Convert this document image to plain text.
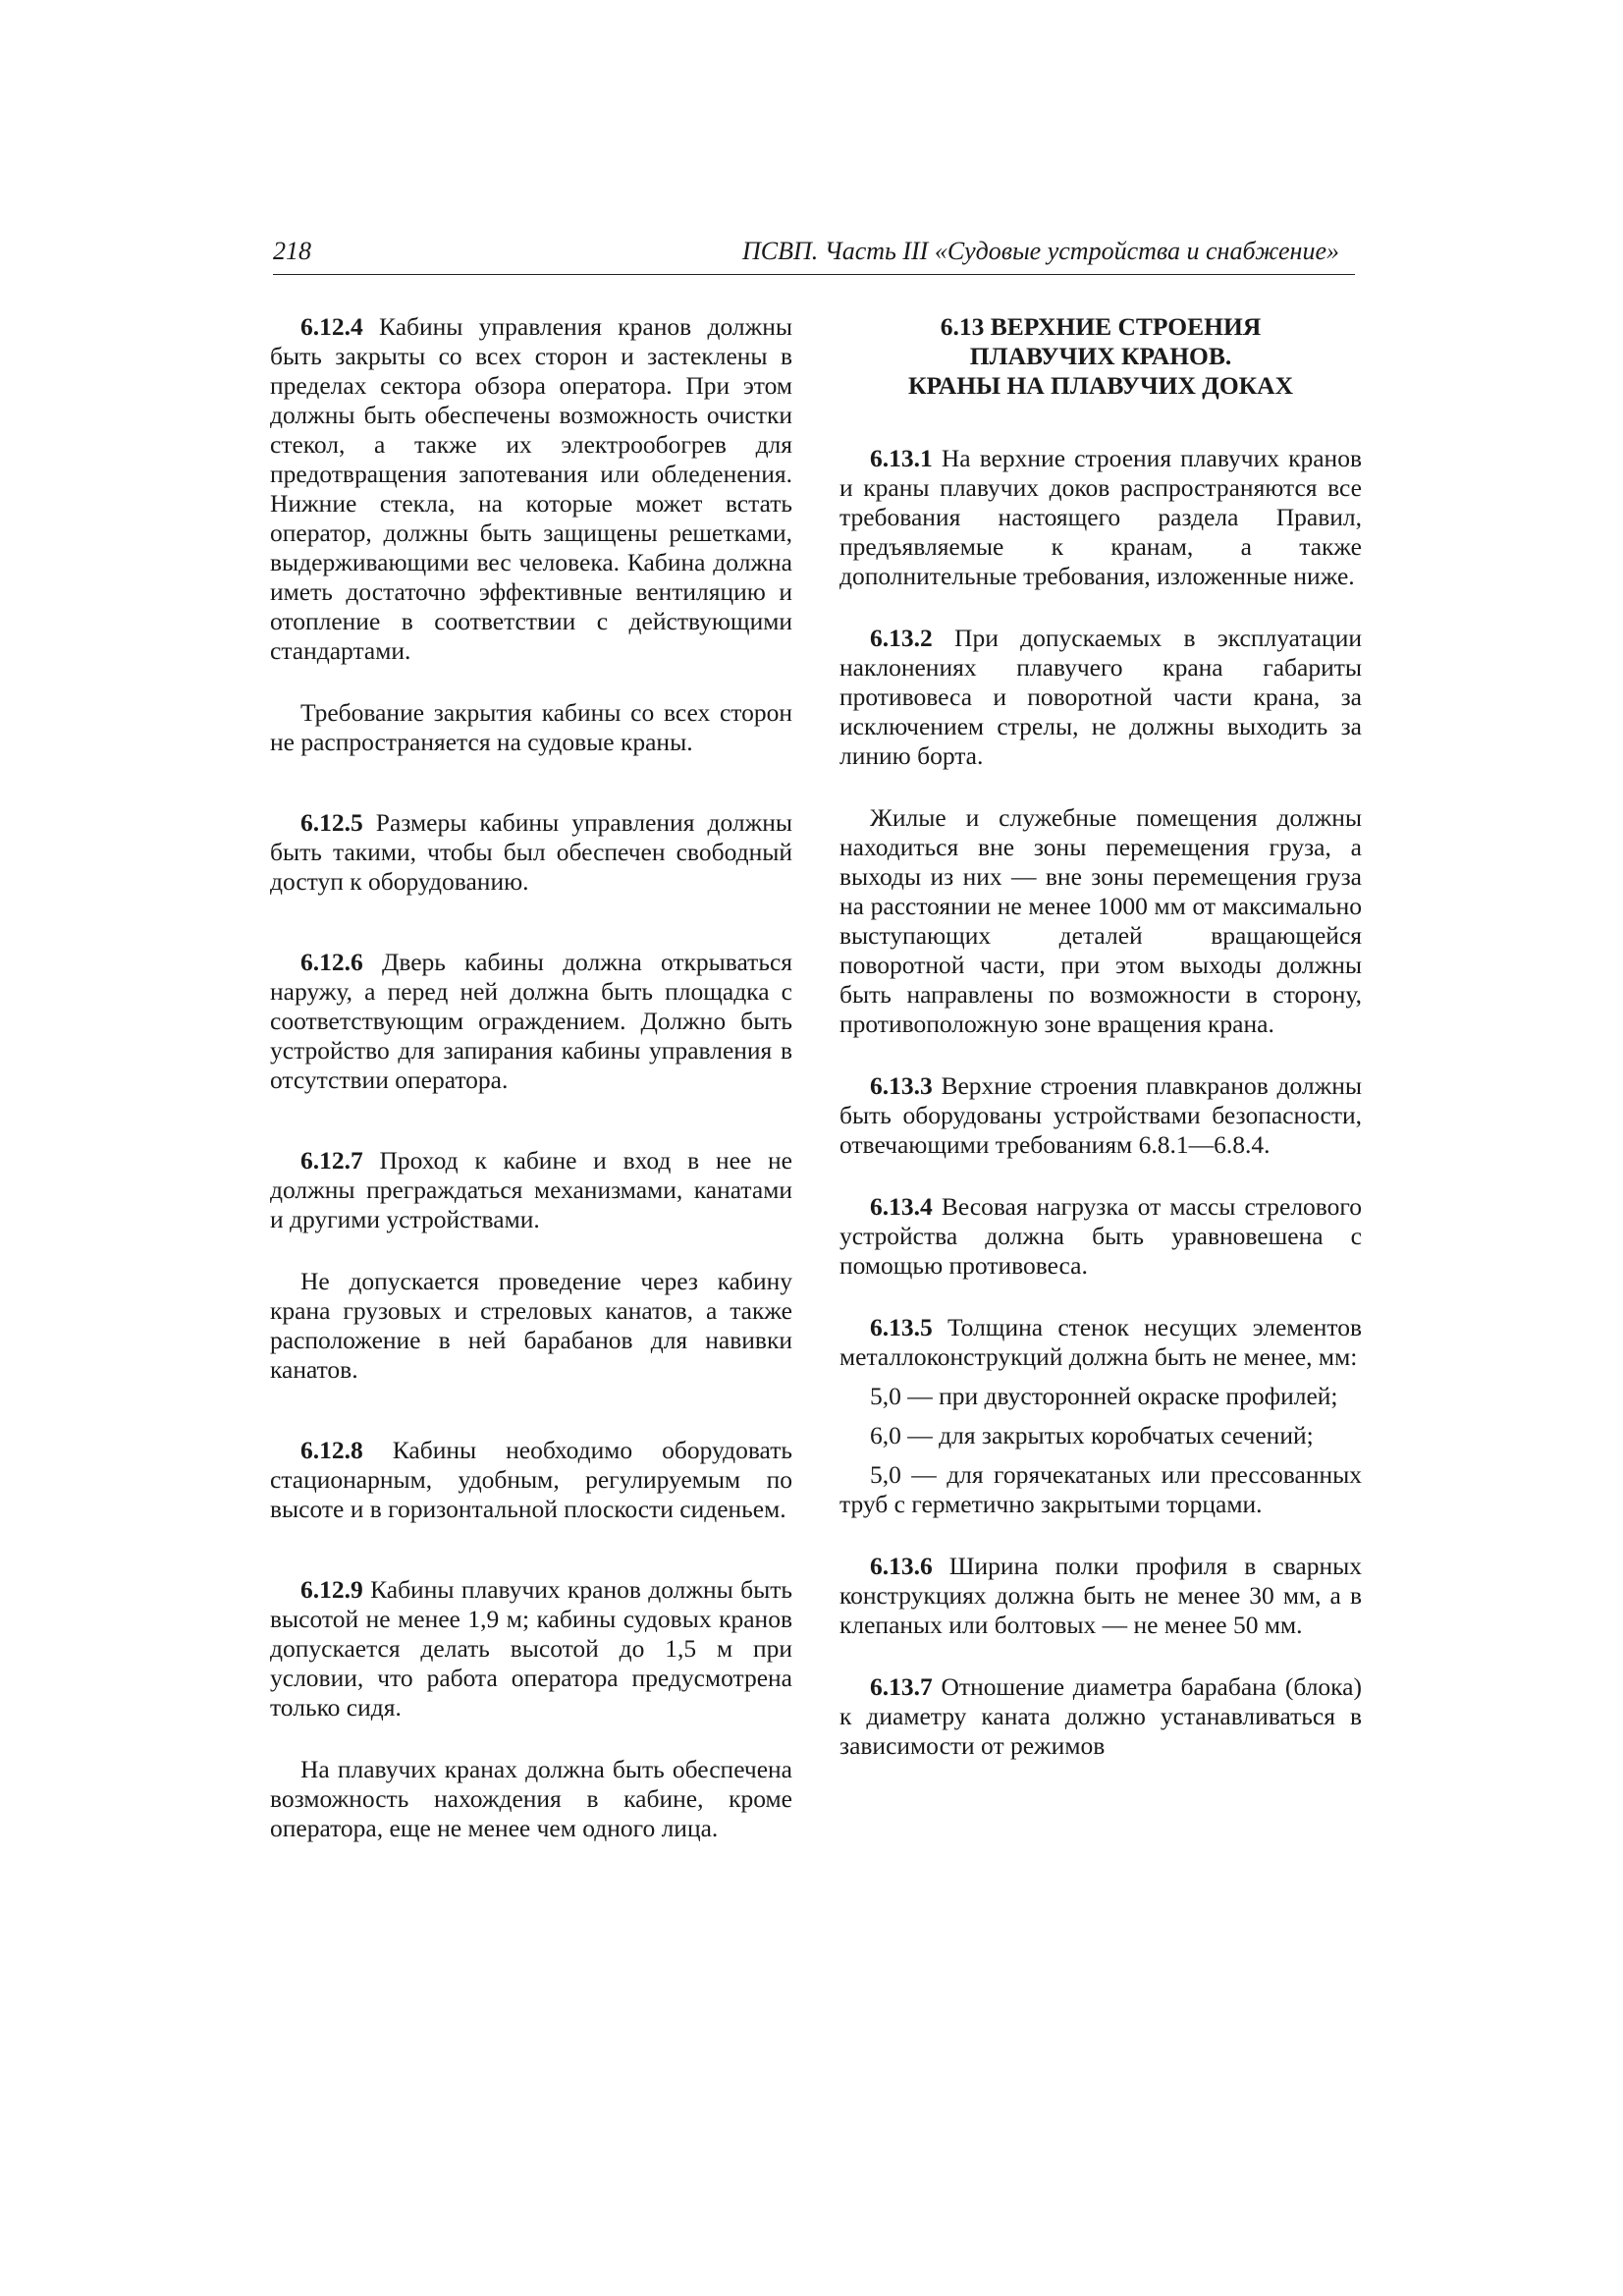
218	ПСВП. Часть III «Судовые устройства и снабжение»

6.12.4 Кабины управления кранов должны быть закрыты со всех сторон и застеклены в пределах сектора обзора оператора. При этом должны быть обеспечены возможность очистки стекол, а также их электрообогрев для предотвращения запотевания или обледенения. Нижние стекла, на которые может встать оператор, должны быть защищены решетками, выдерживающими вес человека. Кабина должна иметь достаточно эффективные вентиляцию и отопление в соответствии с действующими стандартами.

Требование закрытия кабины со всех сторон не распространяется на судовые краны.

6.12.5 Размеры кабины управления должны быть такими, чтобы был обеспечен свободный доступ к оборудованию.

6.12.6 Дверь кабины должна открываться наружу, а перед ней должна быть площадка с соответствующим ограждением. Должно быть устройство для запирания кабины управления в отсутствии оператора.

6.12.7 Проход к кабине и вход в нее не должны преграждаться механизмами, канатами и другими устройствами.

Не допускается проведение через кабину крана грузовых и стреловых канатов, а также расположение в ней барабанов для навивки канатов.

6.12.8 Кабины необходимо оборудовать стационарным, удобным, регулируемым по высоте и в горизонтальной плоскости сиденьем.

6.12.9 Кабины плавучих кранов должны быть высотой не менее 1,9 м; кабины судовых кранов допускается делать высотой до 1,5 м при условии, что работа оператора предусмотрена только сидя.

На плавучих кранах должна быть обеспечена возможность нахождения в кабине, кроме оператора, еще не менее чем одного лица.

6.13 ВЕРХНИЕ СТРОЕНИЯ
ПЛАВУЧИХ КРАНОВ.
КРАНЫ НА ПЛАВУЧИХ ДОКАХ

6.13.1 На верхние строения плавучих кранов и краны плавучих доков распространяются все требования настоящего раздела Правил, предъявляемые к кранам, а также дополнительные требования, изложенные ниже.

6.13.2 При допускаемых в эксплуатации наклонениях плавучего крана габариты противовеса и поворотной части крана, за исключением стрелы, не должны выходить за линию борта.

Жилые и служебные помещения должны находиться вне зоны перемещения груза, а выходы из них — вне зоны перемещения груза на расстоянии не менее 1000 мм от максимально выступающих деталей вращающейся поворотной части, при этом выходы должны быть направлены по возможности в сторону, противоположную зоне вращения крана.

6.13.3 Верхние строения плавкранов должны быть оборудованы устройствами безопасности, отвечающими требованиям 6.8.1—6.8.4.

6.13.4 Весовая нагрузка от массы стрелового устройства должна быть уравновешена с помощью противовеса.

6.13.5 Толщина стенок несущих элементов металлоконструкций должна быть не менее, мм:

5,0 — при двусторонней окраске профилей;

6,0 — для закрытых коробчатых сечений;

5,0 — для горячекатаных или прессованных труб с герметично закрытыми торцами.

6.13.6 Ширина полки профиля в сварных конструкциях должна быть не менее 30 мм, а в клепаных или болтовых — не менее 50 мм.

6.13.7 Отношение диаметра барабана (блока) к диаметру каната должно устанавливаться в зависимости от режимов
